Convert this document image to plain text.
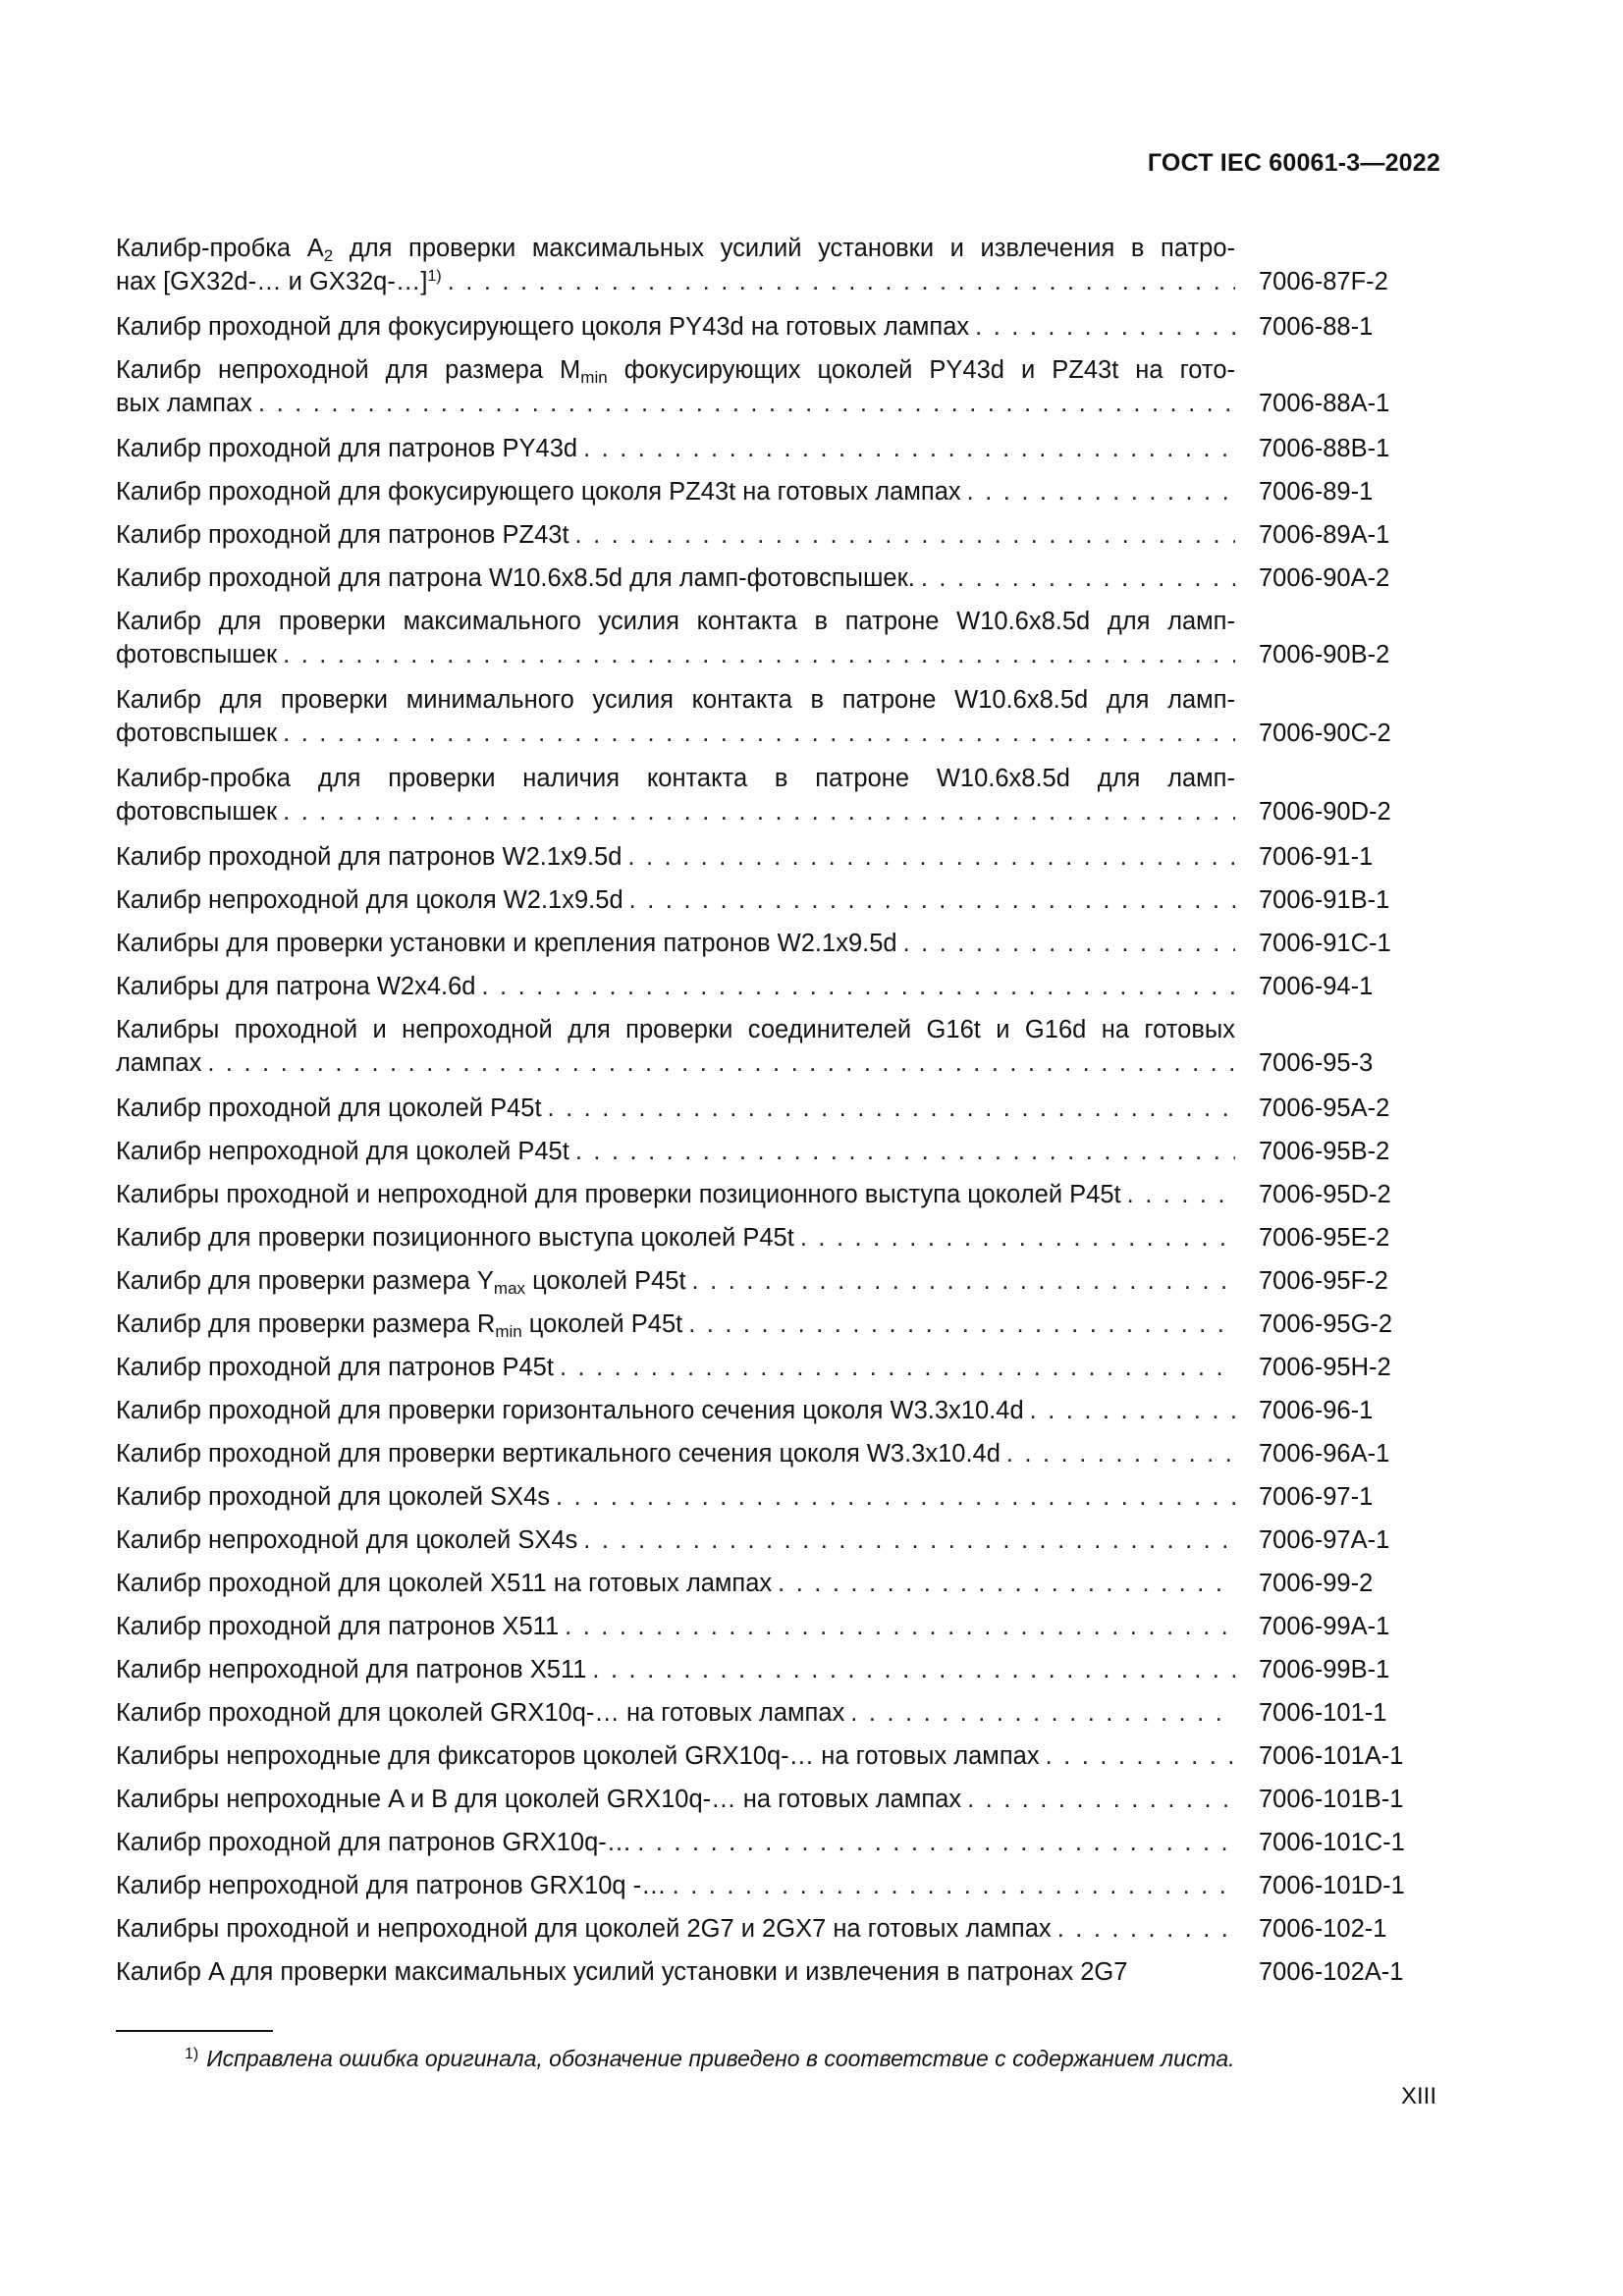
ГОСТ IEC 60061-3—2022
Калибр-пробка $A_2$ для проверки максимальных усилий установки и извлечения в патро-
нах [GX32d-… и GX32q-…]$^{1)}$ . . .	7006-87F-2
Калибр проходной для фокусирующего цоколя PY43d на готовых лампах . . .	7006-88-1
Калибр непроходной для размера $M_{min}$ фокусирующих цоколей PY43d и PZ43t на гото-
вых лампах . . .	7006-88A-1
Калибр проходной для патронов PY43d . . .	7006-88B-1
Калибр проходной для фокусирующего цоколя PZ43t на готовых лампах . . .	7006-89-1
Калибр проходной для патронов PZ43t . . .	7006-89A-1
Калибр проходной для патрона W10.6x8.5d для ламп-фотовспышек. . . .	7006-90A-2
Калибр для проверки максимального усилия контакта в патроне W10.6x8.5d для ламп-
фотовспышек . . .	7006-90B-2
Калибр для проверки минимального усилия контакта в патроне W10.6x8.5d для ламп-
фотовспышек . . .	7006-90C-2
Калибр-пробка для проверки наличия контакта в патроне W10.6x8.5d для ламп-
фотовспышек . . .	7006-90D-2
Калибр проходной для патронов W2.1x9.5d . . .	7006-91-1
Калибр непроходной для цоколя W2.1x9.5d . . .	7006-91B-1
Калибры для проверки установки и крепления патронов W2.1x9.5d . . .	7006-91C-1
Калибры для патрона W2x4.6d . . .	7006-94-1
Калибры проходной и непроходной для проверки соединителей G16t и G16d на готовых
лампах . . .	7006-95-3
Калибр проходной для цоколей P45t . . .	7006-95A-2
Калибр непроходной для цоколей P45t . . .	7006-95B-2
Калибры проходной и непроходной для проверки позиционного выступа цоколей P45t . . .	7006-95D-2
Калибр для проверки позиционного выступа цоколей P45t . . .	7006-95E-2
Калибр для проверки размера $Y_{max}$ цоколей P45t . . .	7006-95F-2
Калибр для проверки размера $R_{min}$ цоколей P45t . . .	7006-95G-2
Калибр проходной для патронов P45t . . .	7006-95H-2
Калибр проходной для проверки горизонтального сечения цоколя W3.3x10.4d . . .	7006-96-1
Калибр проходной для проверки вертикального сечения цоколя W3.3x10.4d . . .	7006-96A-1
Калибр проходной для цоколей SX4s . . .	7006-97-1
Калибр непроходной для цоколей SX4s . . .	7006-97A-1
Калибр проходной для цоколей X511 на готовых лампах . . .	7006-99-2
Калибр проходной для патронов X511 . . .	7006-99A-1
Калибр непроходной для патронов X511 . . .	7006-99B-1
Калибр проходной для цоколей GRX10q-… на готовых лампах . . .	7006-101-1
Калибры непроходные для фиксаторов цоколей GRX10q-… на готовых лампах . . .	7006-101A-1
Калибры непроходные A и B для цоколей GRX10q-… на готовых лампах . . .	7006-101B-1
Калибр проходной для патронов GRX10q-… . . .	7006-101C-1
Калибр непроходной для патронов GRX10q -… . . .	7006-101D-1
Калибры проходной и непроходной для цоколей 2G7 и 2GX7 на готовых лампах . . .	7006-102-1
Калибр A для проверки максимальных усилий установки и извлечения в патронах 2G7	7006-102A-1
$^{1)}$ Исправлена ошибка оригинала, обозначение приведено в соответствие с содержанием листа.
XIII
